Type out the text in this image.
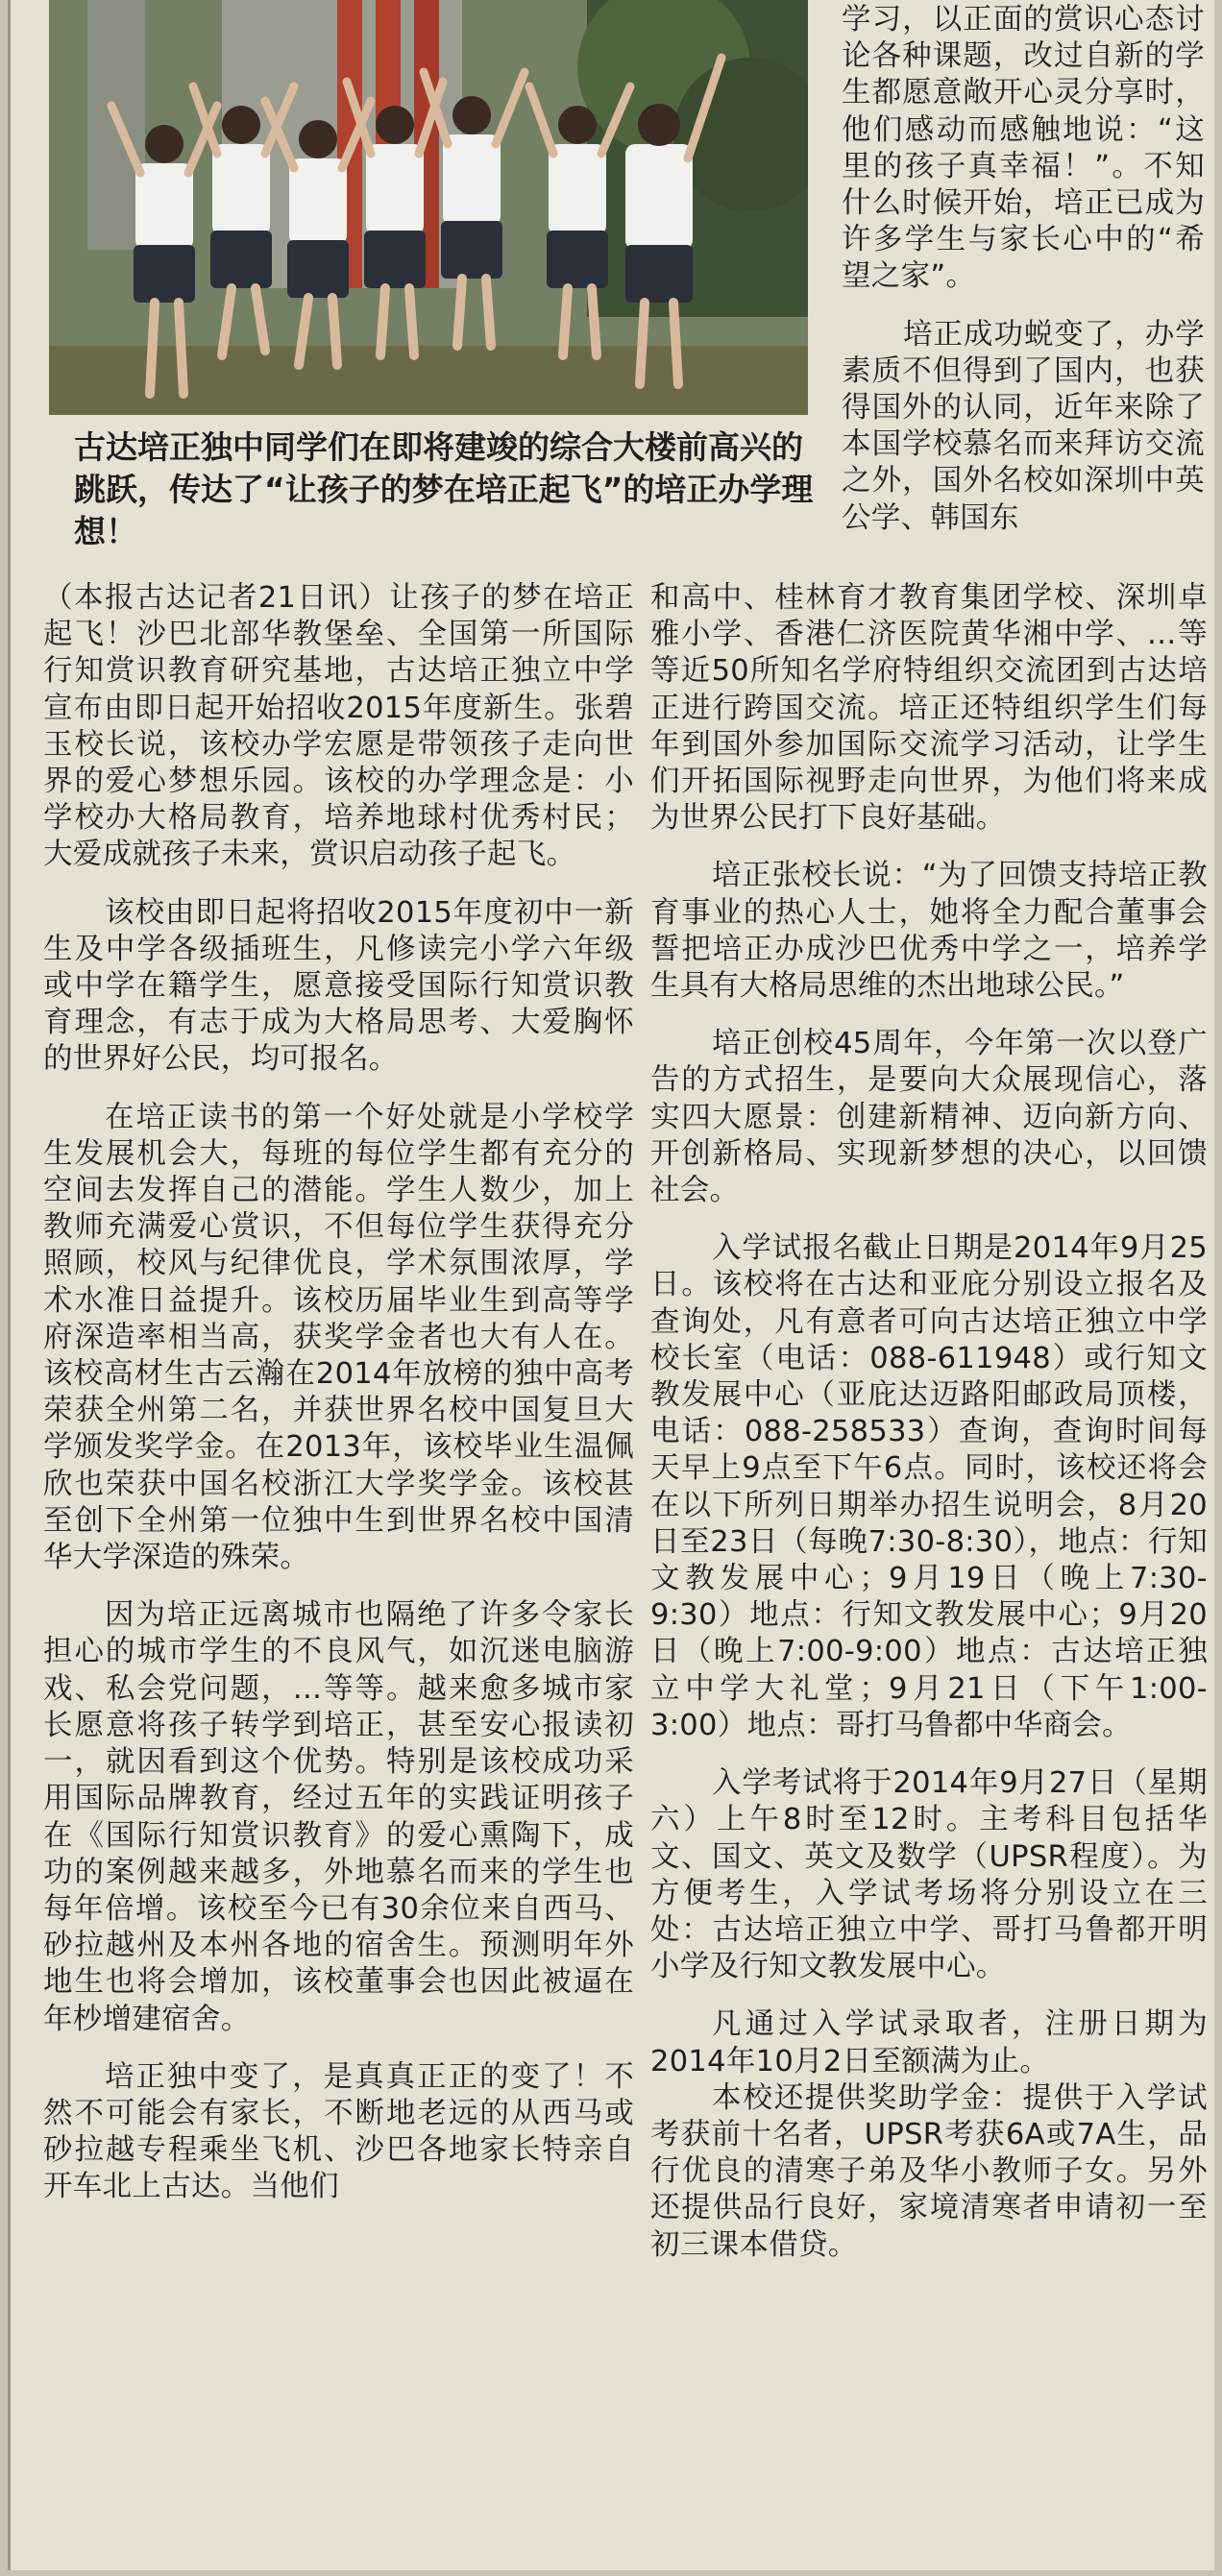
古达培正独中同学们在即将建竣的综合大楼前高兴的跳跃，传达了“让孩子的梦在培正起飞”的培正办学理想！

学习，以正面的赏识心态讨论各种课题，改过自新的学生都愿意敞开心灵分享时，他们感动而感触地说：“这里的孩子真幸福！”。不知什么时候开始，培正已成为许多学生与家长心中的“希望之家”。

培正成功蜕变了，办学素质不但得到了国内，也获得国外的认同，近年来除了本国学校慕名而来拜访交流之外，国外名校如深圳中英公学、韩国东

（本报古达记者21日讯）让孩子的梦在培正起飞！沙巴北部华教堡垒、全国第一所国际行知赏识教育研究基地，古达培正独立中学宣布由即日起开始招收2015年度新生。张碧玉校长说，该校办学宏愿是带领孩子走向世界的爱心梦想乐园。该校的办学理念是：小学校办大格局教育，培养地球村优秀村民；大爱成就孩子未来，赏识启动孩子起飞。

该校由即日起将招收2015年度初中一新生及中学各级插班生，凡修读完小学六年级或中学在籍学生，愿意接受国际行知赏识教育理念，有志于成为大格局思考、大爱胸怀的世界好公民，均可报名。

在培正读书的第一个好处就是小学校学生发展机会大，每班的每位学生都有充分的空间去发挥自己的潜能。学生人数少，加上教师充满爱心赏识，不但每位学生获得充分照顾，校风与纪律优良，学术氛围浓厚，学术水准日益提升。该校历届毕业生到高等学府深造率相当高，获奖学金者也大有人在。该校高材生古云瀚在2014年放榜的独中高考荣获全州第二名，并获世界名校中国复旦大学颁发奖学金。在2013年，该校毕业生温佩欣也荣获中国名校浙江大学奖学金。该校甚至创下全州第一位独中生到世界名校中国清华大学深造的殊荣。

因为培正远离城市也隔绝了许多令家长担心的城市学生的不良风气，如沉迷电脑游戏、私会党问题，…等等。越来愈多城市家长愿意将孩子转学到培正，甚至安心报读初一，就因看到这个优势。特别是该校成功采用国际品牌教育，经过五年的实践证明孩子在《国际行知赏识教育》的爱心熏陶下，成功的案例越来越多，外地慕名而来的学生也每年倍增。该校至今已有30余位来自西马、砂拉越州及本州各地的宿舍生。预测明年外地生也将会增加，该校董事会也因此被逼在年杪增建宿舍。

培正独中变了，是真真正正的变了！不然不可能会有家长，不断地老远的从西马或砂拉越专程乘坐飞机、沙巴各地家长特亲自开车北上古达。当他们

和高中、桂林育才教育集团学校、深圳卓雅小学、香港仁济医院黄华湘中学、…等等近50所知名学府特组织交流团到古达培正进行跨国交流。培正还特组织学生们每年到国外参加国际交流学习活动，让学生们开拓国际视野走向世界，为他们将来成为世界公民打下良好基础。

培正张校长说：“为了回馈支持培正教育事业的热心人士，她将全力配合董事会誓把培正办成沙巴优秀中学之一，培养学生具有大格局思维的杰出地球公民。”

培正创校45周年，今年第一次以登广告的方式招生，是要向大众展现信心，落实四大愿景：创建新精神、迈向新方向、开创新格局、实现新梦想的决心，以回馈社会。

入学试报名截止日期是2014年9月25日。该校将在古达和亚庇分别设立报名及查询处，凡有意者可向古达培正独立中学校长室（电话：088-611948）或行知文教发展中心（亚庇达迈路阳邮政局顶楼，电话：088-258533）查询，查询时间每天早上9点至下午6点。同时，该校还将会在以下所列日期举办招生说明会，8月20日至23日（每晚7:30-8:30），地点：行知文教发展中心；9月19日（晚上7:30-9:30）地点：行知文教发展中心；9月20日（晚上7:00-9:00）地点：古达培正独立中学大礼堂；9月21日（下午1:00-3:00）地点：哥打马鲁都中华商会。

入学考试将于2014年9月27日（星期六）上午8时至12时。主考科目包括华文、国文、英文及数学（UPSR程度）。为方便考生，入学试考场将分别设立在三处：古达培正独立中学、哥打马鲁都开明小学及行知文教发展中心。

凡通过入学试录取者，注册日期为2014年10月2日至额满为止。

本校还提供奖助学金：提供于入学试考获前十名者，UPSR考获6A或7A生，品行优良的清寒子弟及华小教师子女。另外还提供品行良好，家境清寒者申请初一至初三课本借贷。
